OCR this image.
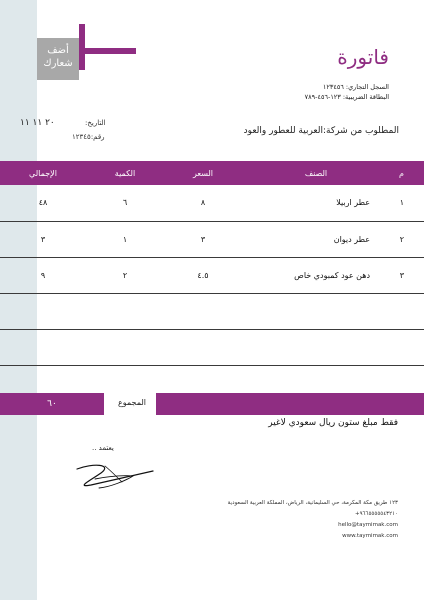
أضف
شعارك	فاتورة
السجل التجاري: ١٢٣٤٥٦
البطاقة الضريبية: ١٢٣-٤٥٦-٧٨٩
التاريخ:
٢٠ ١١ ١١
رقم:١٢٣٤٥
المطلوب من شركة:العربية للعطور والعود
م	الصنف	السعر	الكمية	الإجمالي
١	عطر اربيلا	٨	٦	٤٨
٢	عطر ديوان	٣	١	٣
٣	دهن عود كمبودي خاص	٤.٥	٢	٩

٦٠	المجموع
فقط مبلغ ستون ريال سعودي لاغير
يعتمد ..
١٢٣ طريق مكة المكرمة، حي السليمانية، الرياض، المملكة العربية السعودية
+٩٦٦٥٥٥٥٥٤٣٢١٠
hello@taymimak.com
www.taymimak.com
